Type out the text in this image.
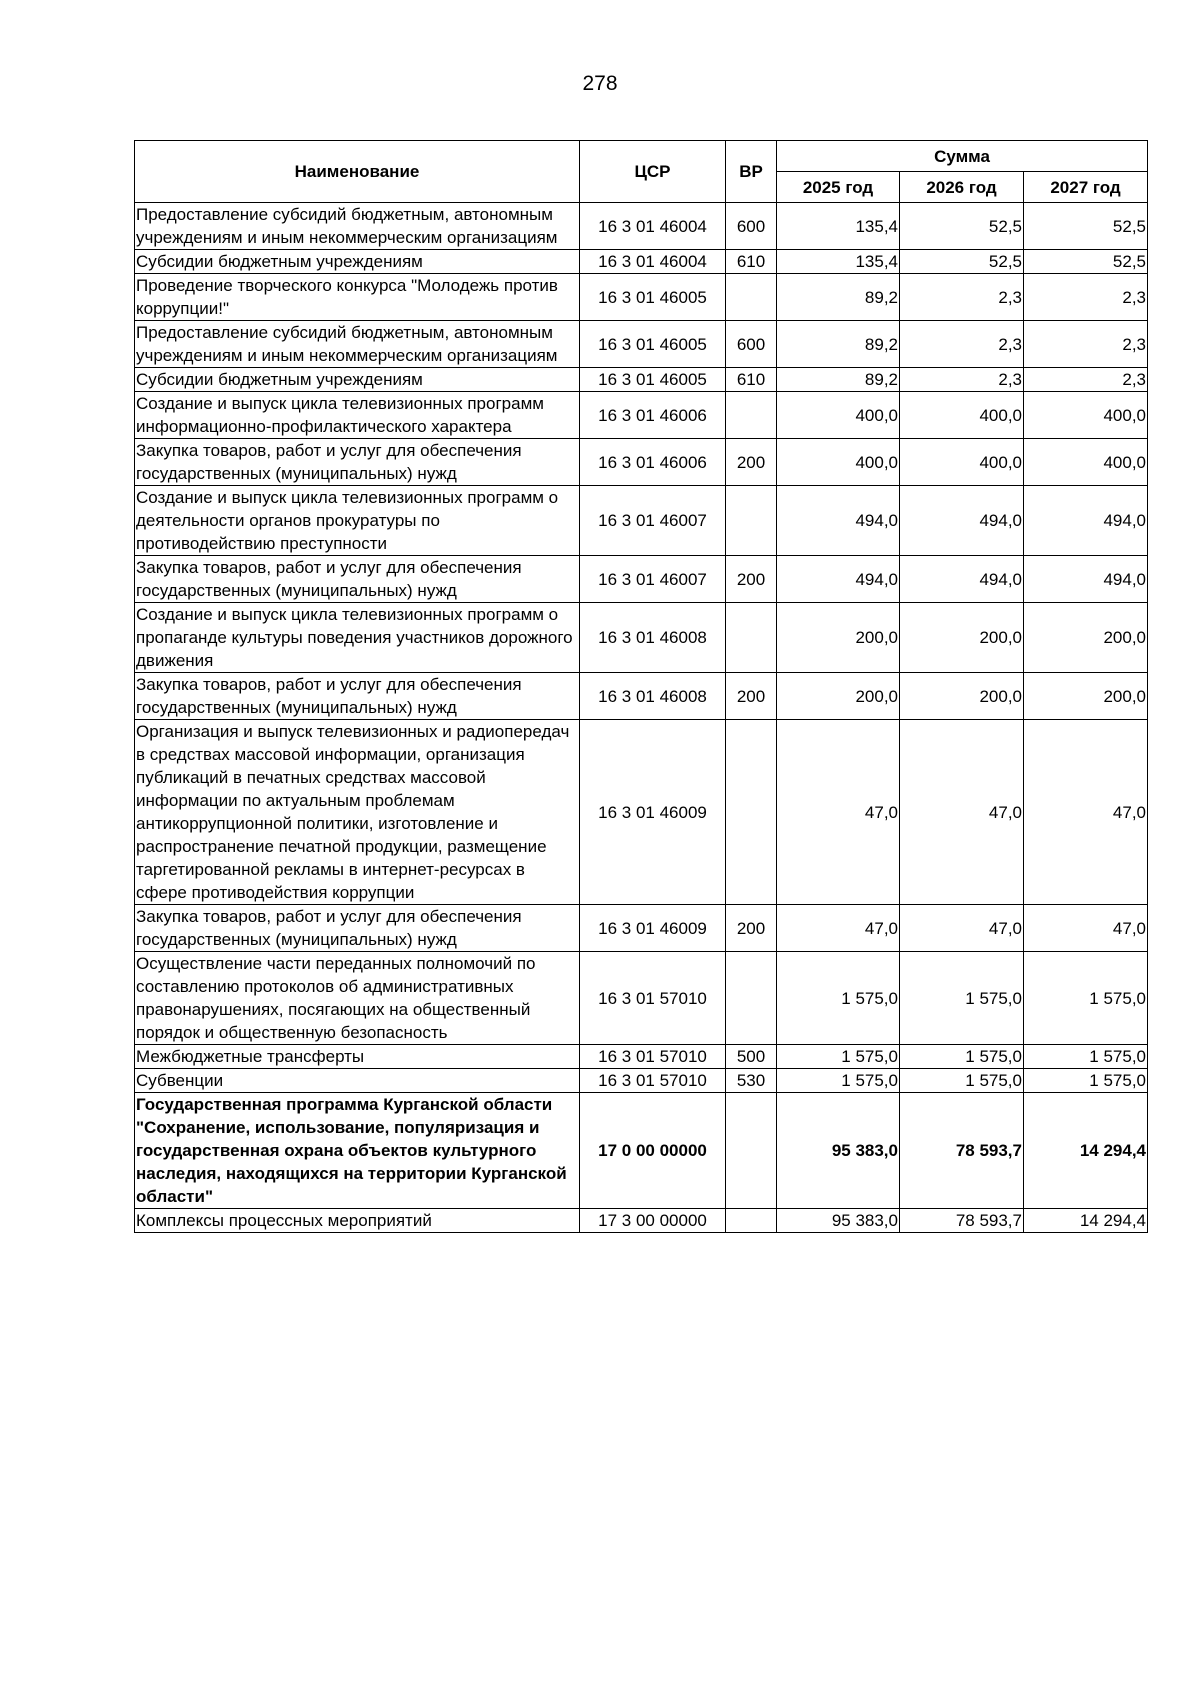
278
Наименование	ЦСР	ВР	Сумма		
			2025 год	2026 год	2027 год
Предоставление субсидий бюджетным, автономным учреждениям и иным некоммерческим организациям	16 3 01 46004	600	135,4	52,5	52,5
Субсидии бюджетным учреждениям	16 3 01 46004	610	135,4	52,5	52,5
Проведение творческого конкурса "Молодежь против коррупции!"	16 3 01 46005		89,2	2,3	2,3
Предоставление субсидий бюджетным, автономным учреждениям и иным некоммерческим организациям	16 3 01 46005	600	89,2	2,3	2,3
Субсидии бюджетным учреждениям	16 3 01 46005	610	89,2	2,3	2,3
Создание и выпуск цикла телевизионных программ информационно-профилактического характера	16 3 01 46006		400,0	400,0	400,0
Закупка товаров, работ и услуг для обеспечения государственных (муниципальных) нужд	16 3 01 46006	200	400,0	400,0	400,0
Создание и выпуск цикла телевизионных программ о деятельности органов прокуратуры по противодействию преступности	16 3 01 46007		494,0	494,0	494,0
Закупка товаров, работ и услуг для обеспечения государственных (муниципальных) нужд	16 3 01 46007	200	494,0	494,0	494,0
Создание и выпуск цикла телевизионных программ о пропаганде культуры поведения участников дорожного движения	16 3 01 46008		200,0	200,0	200,0
Закупка товаров, работ и услуг для обеспечения государственных (муниципальных) нужд	16 3 01 46008	200	200,0	200,0	200,0
Организация и выпуск телевизионных и радиопередач в средствах массовой информации, организация публикаций в печатных средствах массовой информации по актуальным проблемам антикоррупционной политики, изготовление и распространение печатной продукции, размещение таргетированной рекламы в интернет-ресурсах в сфере противодействия коррупции	16 3 01 46009		47,0	47,0	47,0
Закупка товаров, работ и услуг для обеспечения государственных (муниципальных) нужд	16 3 01 46009	200	47,0	47,0	47,0
Осуществление части переданных полномочий по составлению протоколов об административных правонарушениях, посягающих на общественный порядок и общественную безопасность	16 3 01 57010		1 575,0	1 575,0	1 575,0
Межбюджетные трансферты	16 3 01 57010	500	1 575,0	1 575,0	1 575,0
Субвенции	16 3 01 57010	530	1 575,0	1 575,0	1 575,0
Государственная программа Курганской области "Сохранение, использование, популяризация и государственная охрана объектов культурного наследия, находящихся на территории Курганской области"	17 0 00 00000		95 383,0	78 593,7	14 294,4
Комплексы процессных мероприятий	17 3 00 00000		95 383,0	78 593,7	14 294,4
